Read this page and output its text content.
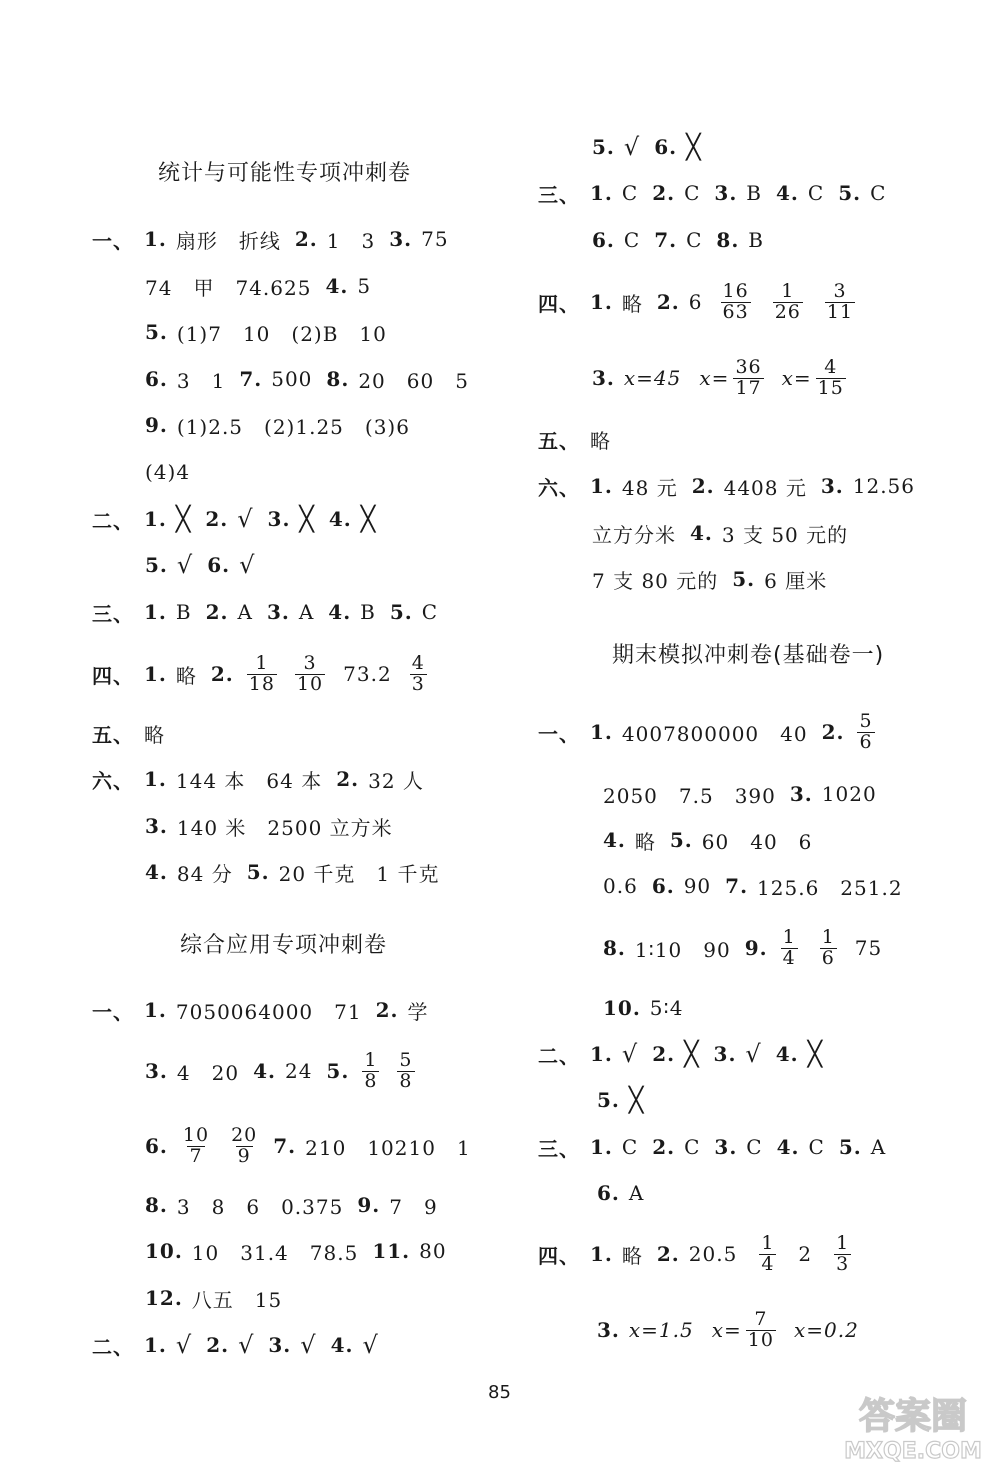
统计与可能性专项冲刺卷
综合应用专项冲刺卷
期末模拟冲刺卷(基础卷一)
一、 1. 扇形　折线 2. 1　3 3. 75
74　甲　74.625 4. 5
5. (1)7　10　(2)B　10
6. 3　1 7. 500 8. 20　60　5
9. (1)2.5　(2)1.25　(3)6
(4)4
二、 1. ╳ 2. √ 3. ╳ 4. ╳
5. √ 6. √
三、 1. B 2. A 3. A 4. B 5. C
四、 1. 略 2. $\frac{1}{18} \frac{3}{10} 73.2 \frac{4}{3}$
五、 略
六、 1. 144 本　64 本 2. 32 人
3. 140 米　2500 立方米
4. 84 分 5. 20 千克　1 千克
一、 1. 7050064000　71 2. 学
3. 4　20 4. 24 5. $\frac{1}{8} \frac{5}{8}$
6. $\frac{10}{7} \frac{20}{9} 7$. 210　10210　1
8. 3　8　6　0.375 9. 7　9
10. 10　31.4　78.5 11. 80
12. 八五　15
二、 1. √ 2. √ 3. √ 4. √
5. √ 6. ╳
三、 1. C 2. C 3. B 4. C 5. C
6. C 7. C 8. B
四、 1. 略 2. $6 \frac{16}{63} \frac{1}{26} \frac{3}{11}$
3. x=45 $x= \frac{36}{17} x= \frac{4}{15}$
五、 略
六、 1. 48 元 2. 4408 元 3. 12.56
立方分米 4. 3 支 50 元的
7 支 80 元的 5. 6 厘米
一、 1. 4007800000　40 2. $\frac{5}{6}$
2050　7.5　390 3. 1020
4. 略 5. 60　40　6
0.6 6. 90 7. 125.6　251.2
8. 1∶10　90 9. $\frac{1}{4} \frac{1}{6} 75$
10. 5∶4
二、 1. √ 2. ╳ 3. √ 4. ╳
5. ╳
三、 1. C 2. C 3. C 4. C 5. A
6. A
四、 1. 略 2. $20.5 \frac{1}{4} 2 \frac{1}{3}$
3. x=1.5 $x= \frac{7}{10} x=0.2$
85
答案圈
MXQE.COM
